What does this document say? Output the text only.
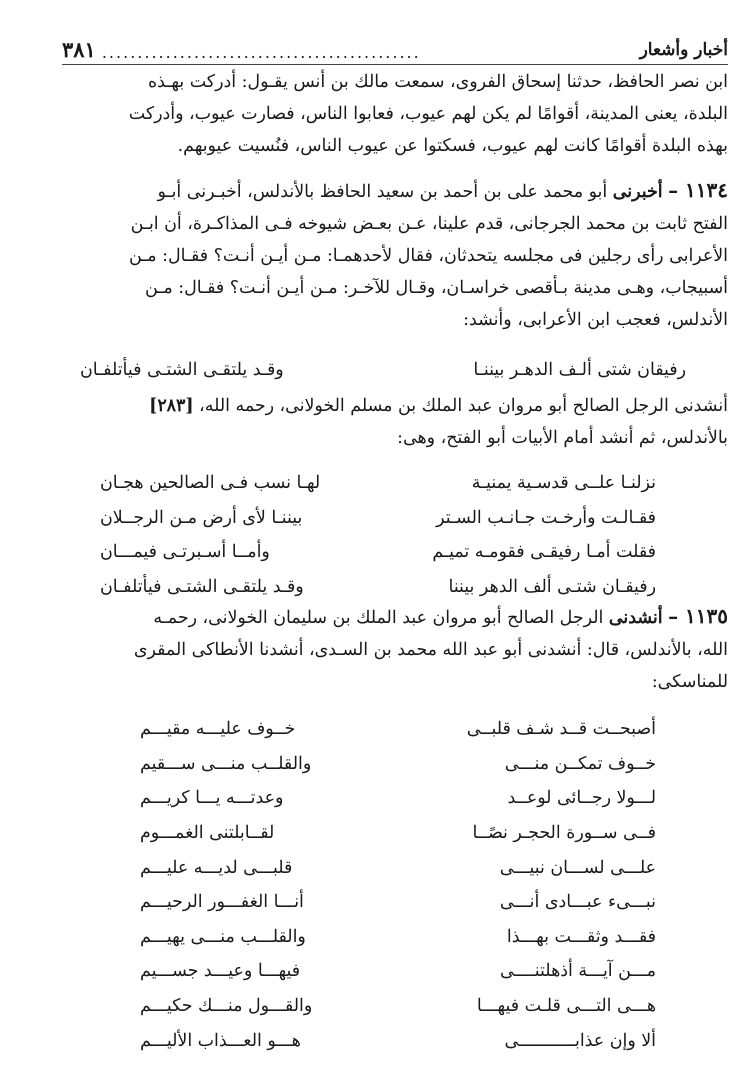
أخبار وأشعار
٣٨١ .............................................
ابن نصر الحافظ، حدثنا إسحاق الفروى، سمعت مالك بن أنس يقـول: أدركت بهـذه
البلدة، يعنى المدينة، أقوامًا لم يكن لهم عيوب، فعابوا الناس، فصارت عيوب، وأدركت
بهذه البلدة أقوامًا كانت لهم عيوب، فسكتوا عن عيوب الناس، فنُسيت عيوبهم.
١١٣٤ – أخبرنى أبو محمد على بن أحمد بن سعيد الحافظ بالأندلس، أخبـرنى أبـو
الفتح ثابت بن محمد الجرجانى، قدم علينا، عـن بعـض شيوخه فـى المذاكـرة، أن ابـن
الأعرابى رأى رجلين فى مجلسه يتحدثان، فقال لأحدهمـا: مـن أيـن أنـت؟ فقـال: مـن
أسبيجاب، وهـى مدينة بـأقصى خراسـان، وقـال للآخـر: مـن أيـن أنـت؟ فقـال: مـن
الأندلس، فعجب ابن الأعرابى، وأنشد:
رفيقان شتى ألـف الدهـر بيننـا
وقـد يلتقـى الشتـى فيأتلفـان
أنشدنى الرجل الصالح أبو مروان عبد الملك بن مسلم الخولانى، رحمه الله، [٢٨٣]
بالأندلس، ثم أنشد أمام الأبيات أبو الفتح، وهى:
نزلنـا علــى قدسـية يمنيـة
لهـا نسب فـى الصالحين هجـان
فقـالـت وأرخـت جـانـب السـتر
بيننـا لأى أرض مـن الرجــلان
فقلت أمـا رفيقـى فقومـه تميـم
وأمــا أسـبرتـى فيمـــان
رفيقـان شتـى ألف الدهر بيننا
وقـد يلتقـى الشتـى فيأتلفـان
١١٣٥ – أنشدنى الرجل الصالح أبو مروان عبد الملك بن سليمان الخولانى، رحمـه
الله، بالأندلس، قال: أنشدنى أبو عبد الله محمد بن السـدى، أنشدنا الأنطاكى المقرى
للمناسكى:
أصبحــت قــد شـف قلبــى
خــوف عليـــه مقيـــم
خــوف تمكــن منـــى
والقلــب منـــى ســـقيم
لـــولا رجــائى لوعــد
وعدتـــه يـــا كريـــم
فــى ســورة الحجـر نصًــا
لقــابلتنى الغمـــوم
علـــى لســـان نبيـــى
قلبـــى لديـــه عليـــم
نبـــىء عبـــادى أنـــى
أنـــا الغفـــور الرحيـــم
فقـــد وثقـــت بهـــذا
والقلـــب منـــى يهيـــم
مـــن آيـــة أذهلتنــــى
فيهـــا وعيـــد جســـيم
هـــى التـــى قلـت فيهـــا
والقـــول منـــك حكيـــم
ألا وإن عذابـــــــــــى
هـــو العـــذاب الأليـــم
